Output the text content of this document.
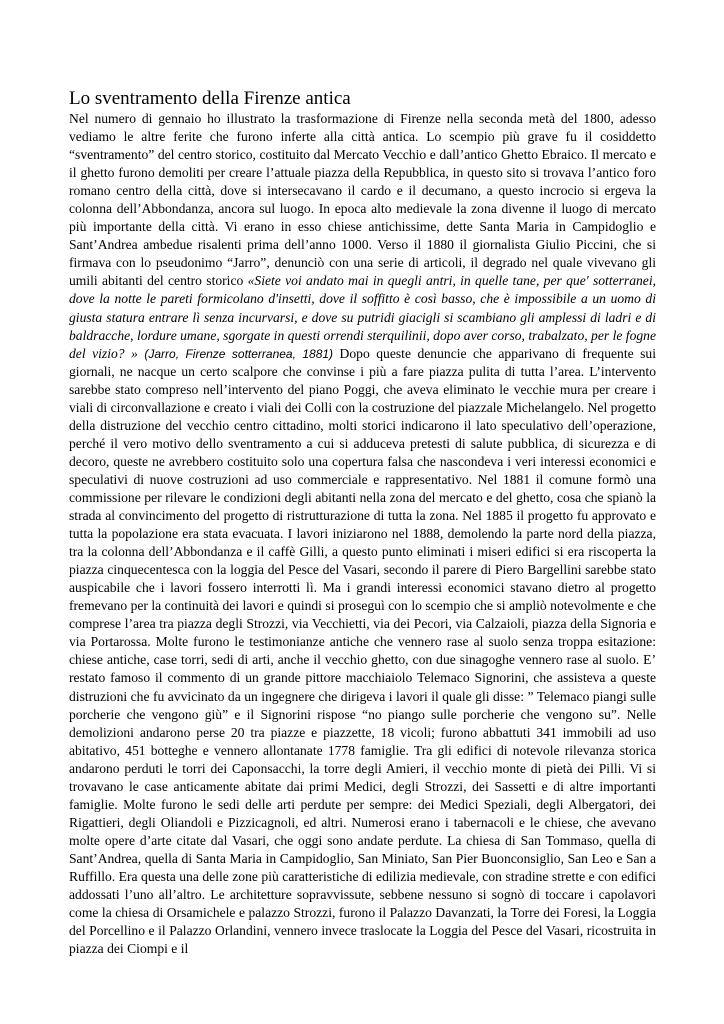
Lo sventramento della Firenze antica

Nel numero di gennaio ho illustrato la trasformazione di Firenze nella seconda metà del 1800, adesso vediamo le altre ferite che furono inferte alla città antica. Lo scempio più grave fu il cosiddetto “sventramento” del centro storico, costituito dal Mercato Vecchio e dall’antico Ghetto Ebraico. Il mercato e il ghetto furono demoliti per creare l’attuale piazza della Repubblica, in questo sito si trovava l’antico foro romano centro della città, dove si intersecavano il cardo e il decumano, a questo incrocio si ergeva la colonna dell’Abbondanza, ancora sul luogo. In epoca alto medievale la zona divenne il luogo di mercato più importante della città. Vi erano in esso chiese antichissime, dette Santa Maria in Campidoglio e Sant’Andrea ambedue risalenti prima dell’anno 1000. Verso il 1880 il giornalista Giulio Piccini, che si firmava con lo pseudonimo “Jarro”, denunciò con una serie di articoli, il degrado nel quale vivevano gli umili abitanti del centro storico «Siete voi andato mai in quegli antri, in quelle tane, per que' sotterranei, dove la notte le pareti formicolano d'insetti, dove il soffitto è così basso, che è impossibile a un uomo di giusta statura entrare lì senza incurvarsi, e dove su putridi giacigli si scambiano gli amplessi di ladri e di baldracche, lordure umane, sgorgate in questi orrendi sterquilinii, dopo aver corso, trabalzato, per le fogne del vizio? » (Jarro, Firenze sotterranea, 1881) Dopo queste denuncie che apparivano di frequente sui giornali, ne nacque un certo scalpore che convinse i più a fare piazza pulita di tutta l’area. L’intervento sarebbe stato compreso nell’intervento del piano Poggi, che aveva eliminato le vecchie mura per creare i viali di circonvallazione e creato i viali dei Colli con la costruzione del piazzale Michelangelo. Nel progetto della distruzione del vecchio centro cittadino, molti storici indicarono il lato speculativo dell’operazione, perché il vero motivo dello sventramento a cui si adduceva pretesti di salute pubblica, di sicurezza e di decoro, queste ne avrebbero costituito solo una copertura falsa che nascondeva i veri interessi economici e speculativi di nuove costruzioni ad uso commerciale e rappresentativo. Nel 1881 il comune formò una commissione per rilevare le condizioni degli abitanti nella zona del mercato e del ghetto, cosa che spianò la strada al convincimento del progetto di ristrutturazione di tutta la zona. Nel 1885 il progetto fu approvato e tutta la popolazione era stata evacuata. I lavori iniziarono nel 1888, demolendo la parte nord della piazza, tra la colonna dell’Abbondanza e il caffè Gilli, a questo punto eliminati i miseri edifici si era riscoperta la piazza cinquecentesca con la loggia del Pesce del Vasari, secondo il parere di Piero Bargellini sarebbe stato auspicabile che i lavori fossero interrotti lì. Ma i grandi interessi economici stavano dietro al progetto fremevano per la continuità dei lavori e quindi si proseguì con lo scempio che si ampliò notevolmente e che comprese l’area tra piazza degli Strozzi, via Vecchietti, via dei Pecori, via Calzaioli, piazza della Signoria e via Portarossa. Molte furono le testimonianze antiche che vennero rase al suolo senza troppa esitazione: chiese antiche, case torri, sedi di arti, anche il vecchio ghetto, con due sinagoghe vennero rase al suolo. E’ restato famoso il commento di un grande pittore macchiaiolo Telemaco Signorini, che assisteva a queste distruzioni che fu avvicinato da un ingegnere che dirigeva i lavori il quale gli disse: ” Telemaco piangi sulle porcherie che vengono giù” e il Signorini rispose “no piango sulle porcherie che vengono su”. Nelle demolizioni andarono perse 20 tra piazze e piazzette, 18 vicoli; furono abbattuti 341 immobili ad uso abitativo, 451 botteghe e vennero allontanate 1778 famiglie. Tra gli edifici di notevole rilevanza storica andarono perduti le torri dei Caponsacchi, la torre degli Amieri, il vecchio monte di pietà dei Pilli. Vi si trovavano le case anticamente abitate dai primi Medici, degli Strozzi, dei Sassetti e di altre importanti famiglie. Molte furono le sedi delle arti perdute per sempre: dei Medici Speziali, degli Albergatori, dei Rigattieri, degli Oliandoli e Pizzicagnoli, ed altri. Numerosi erano i tabernacoli e le chiese, che avevano molte opere d’arte citate dal Vasari, che oggi sono andate perdute. La chiesa di San Tommaso, quella di Sant’Andrea, quella di Santa Maria in Campidoglio, San Miniato, San Pier Buonconsiglio, San Leo e San a Ruffillo. Era questa una delle zone più caratteristiche di edilizia medievale, con stradine strette e con edifici addossati l’uno all’altro. Le architetture sopravvissute, sebbene nessuno si sognò di toccare i capolavori come la chiesa di Orsamichele e palazzo Strozzi, furono il Palazzo Davanzati, la Torre dei Foresi, la Loggia del Porcellino e il Palazzo Orlandini, vennero invece traslocate la Loggia del Pesce del Vasari, ricostruita in piazza dei Ciompi e il
